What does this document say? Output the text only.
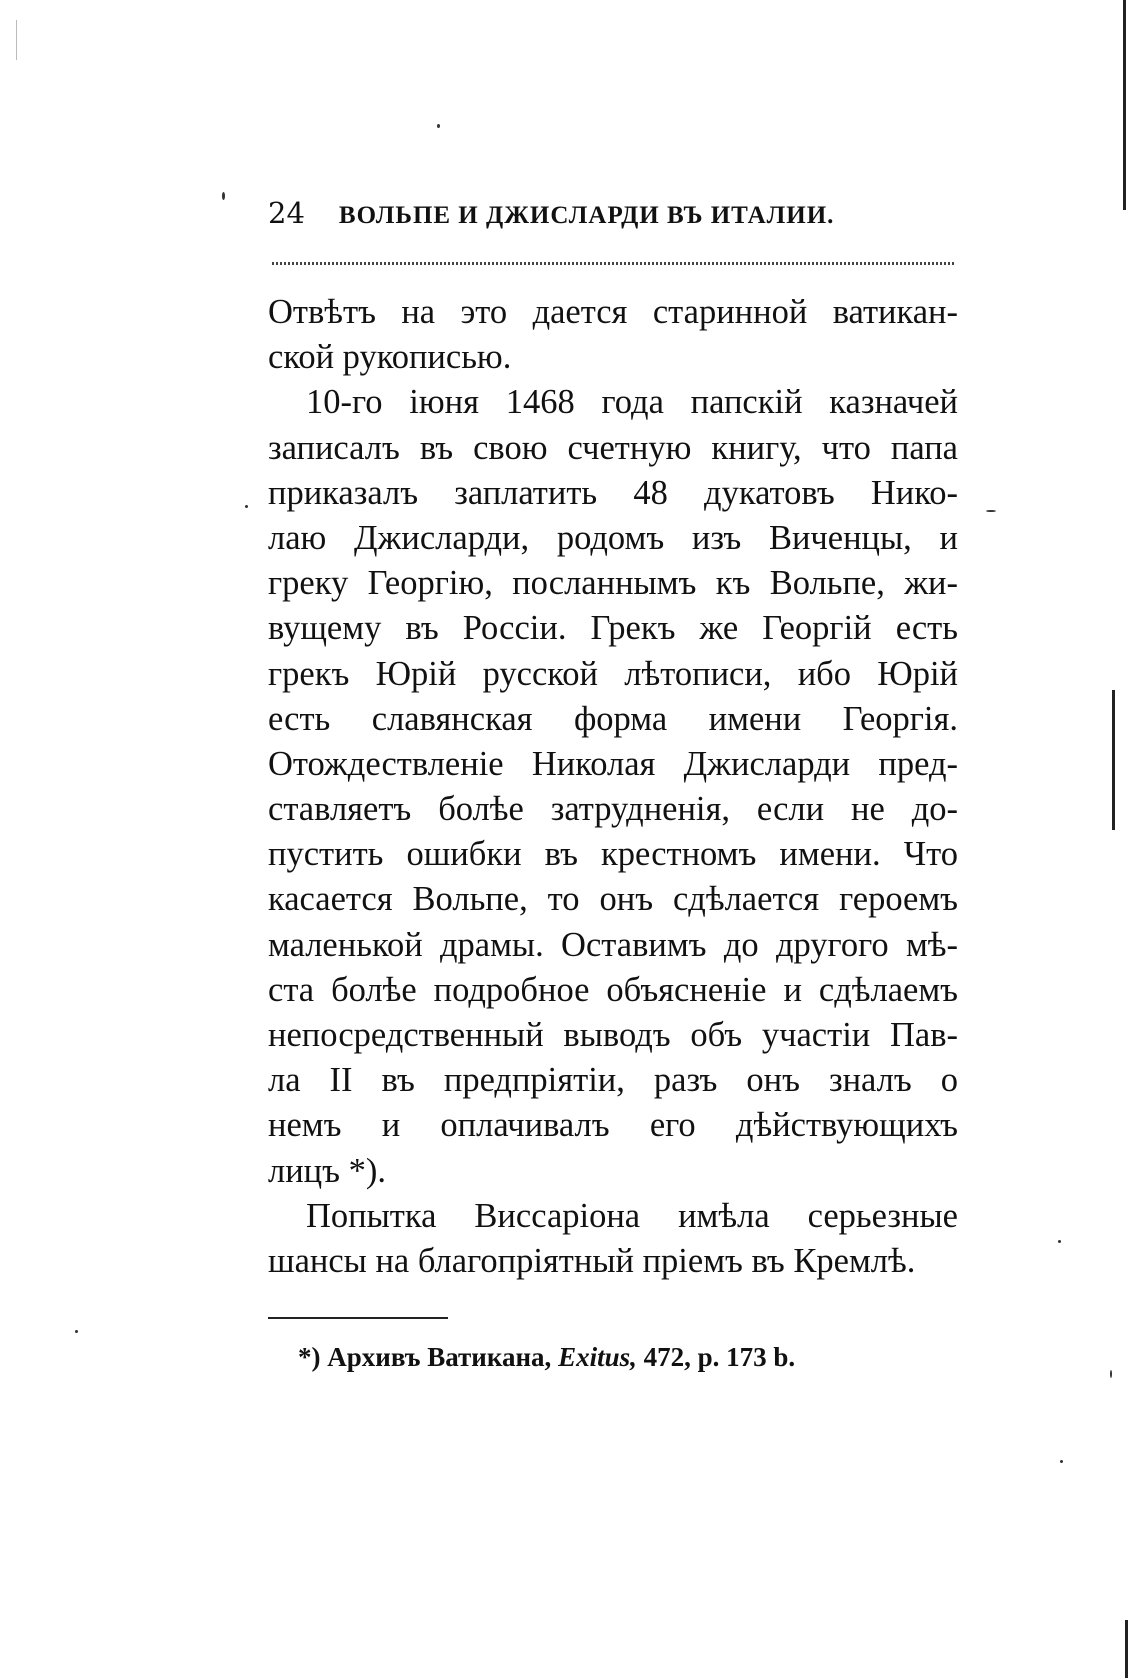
24 ВОЛЬПЕ И ДЖИСЛАРДИ ВЪ ИТАЛИИ.
Отвѣтъ на это дается старинной ватикан-
ской рукописью.
10-го іюня 1468 года папскій казначей
записалъ въ свою счетную книгу, что папа
приказалъ заплатить 48 дукатовъ Нико-
лаю Джисларди, родомъ изъ Виченцы, и
греку Георгію, посланнымъ къ Вольпе, жи-
вущему въ Россіи. Грекъ же Георгій есть
грекъ Юрій русской лѣтописи, ибо Юрій
есть славянская форма имени Георгія.
Отождествленіе Николая Джисларди пред-
ставляетъ болѣе затрудненія, если не до-
пустить ошибки въ крестномъ имени. Что
касается Вольпе, то онъ сдѣлается героемъ
маленькой драмы. Оставимъ до другого мѣ-
ста болѣе подробное объясненіе и сдѣлаемъ
непосредственный выводъ объ участіи Пав-
ла II въ предпріятіи, разъ онъ зналъ о
немъ и оплачивалъ его дѣйствующихъ
лицъ *).
Попытка Виссаріона имѣла серьезные
шансы на благопріятный пріемъ въ Кремлѣ.
*) Архивъ Ватикана, Exitus, 472, p. 173 b.
